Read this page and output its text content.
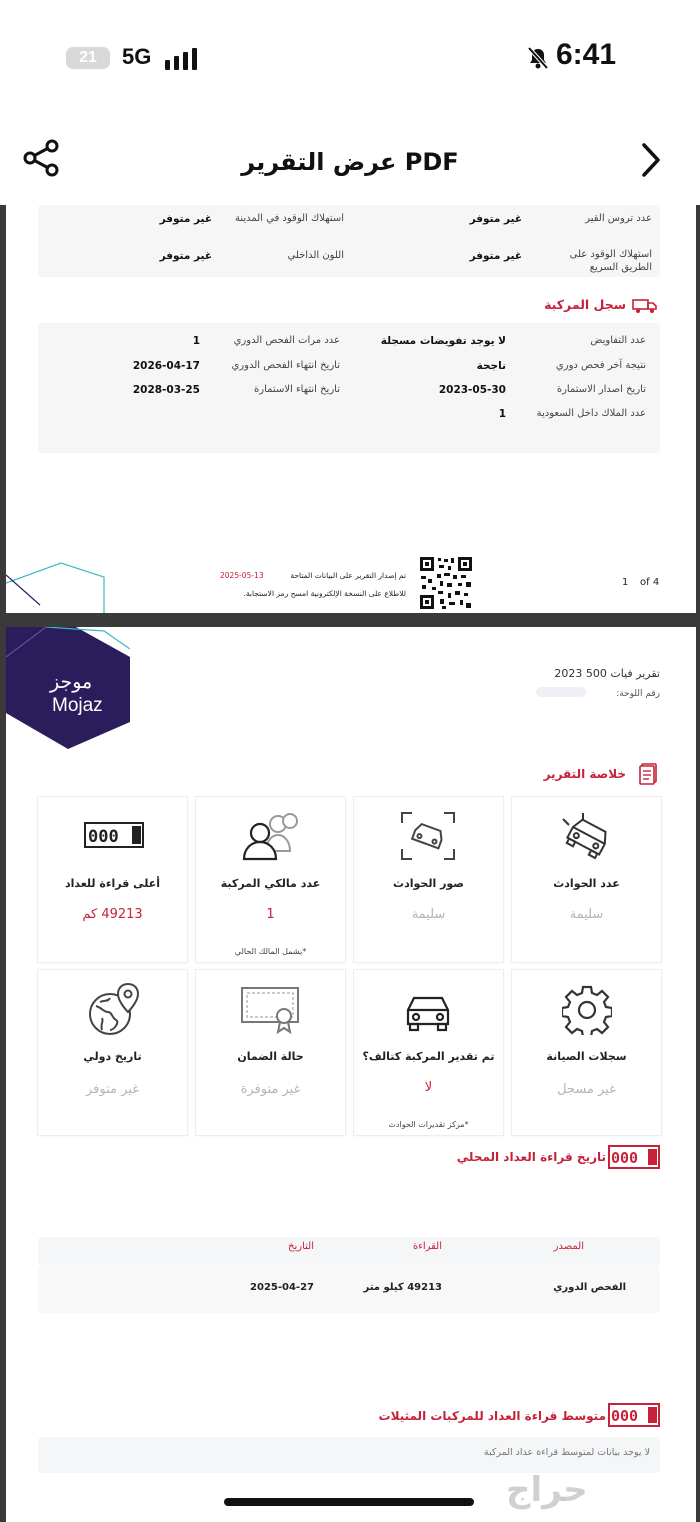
21	5G	6:41
عرض التقرير PDF
عدد تروس القير
غير متوفر
استهلاك الوقود في المدينة
غير متوفر
استهلاك الوقود على الطريق السريع
غير متوفر
اللون الداخلي
غير متوفر
سجل المركبة
عدد التفاويض
لا يوجد تفويضات مسجلة
عدد مرات الفحص الدوري
1
نتيجة آخر فحص دوري
ناجحة
تاريخ انتهاء الفحص الدوري
2026-04-17
تاريخ اصدار الاستمارة
2023-05-30
تاريخ انتهاء الاستمارة
2028-03-25
عدد الملاك داخل السعودية
1
تم إصدار التقرير على البيانات المتاحة
2025-05-13
للاطلاع على النسخة الإلكترونية امسح رمز الاستجابة.
1 of 4
موجز
Mojaz
تقرير فيات 500 2023
رقم اللوحة:
خلاصة التقرير
عدد الحوادث
سليمة
صور الحوادث
سليمة
عدد مالكي المركبة
1
*يشمل المالك الحالي
000
أعلى قراءة للعداد
49213 كم
سجلات الصيانة
غير مسجل
تم تقدير المركبة كتالف؟
لا
*مركز تقديرات الحوادث
حالة الضمان
غير متوفرة
تاريخ دولي
غير متوفر
تاريخ قراءة العداد المحلي 000
المصدر
القراءة
التاريخ
الفحص الدوري
49213 كيلو متر
2025-04-27
متوسط قراءة العداد للمركبات المثيلات 000
لا يوجد بيانات لمتوسط قراءة عداد المركبة
حراج
